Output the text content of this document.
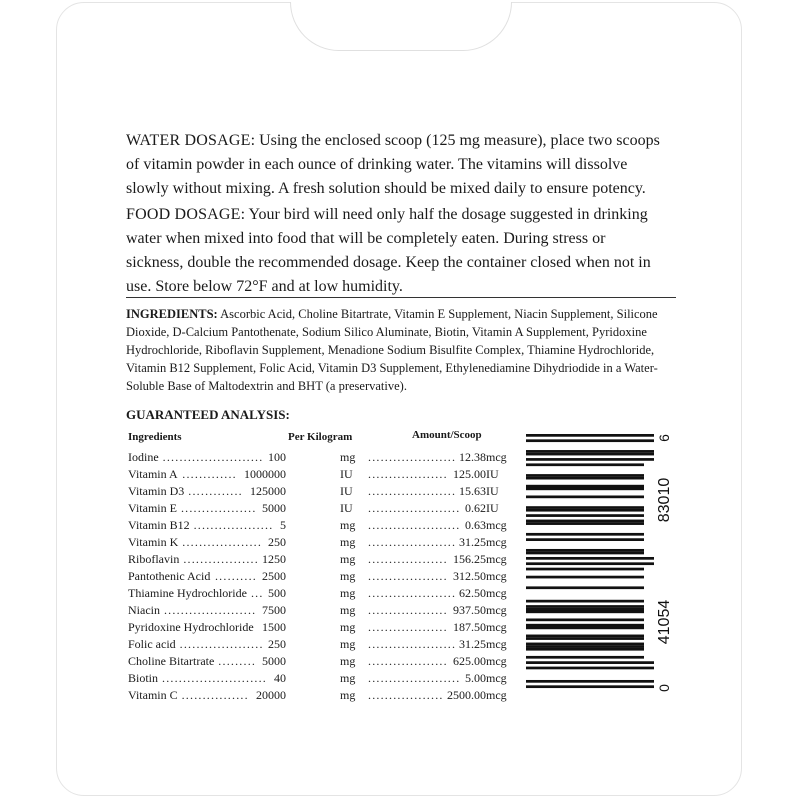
WATER DOSAGE: Using the enclosed scoop (125 mg measure), place two scoops of vitamin powder in each ounce of drinking water. The vitamins will dissolve slowly without mixing. A fresh solution should be mixed daily to ensure potency.

FOOD DOSAGE: Your bird will need only half the dosage suggested in drinking water when mixed into food that will be completely eaten. During stress or sickness, double the recommended dosage. Keep the container closed when not in use. Store below 72°F and at low humidity.

INGREDIENTS: Ascorbic Acid, Choline Bitartrate, Vitamin E Supplement, Niacin Supplement, Silicone Dioxide, D-Calcium Pantothenate, Sodium Silico Aluminate, Biotin, Vitamin A Supplement, Pyridoxine Hydrochloride, Riboflavin Supplement, Menadione Sodium Bisulfite Complex, Thiamine Hydrochloride, Vitamin B12 Supplement, Folic Acid, Vitamin D3 Supplement, Ethylenediamine Dihydriodide in a Water-Soluble Base of Maltodextrin and BHT (a preservative).
GUARANTEED ANALYSIS:
Ingredients	Per Kilogram	Amount/Scoop
Iodine ........................ 100	mg ..................... 12.38 mcg
Vitamin A ............. 1000000	IU ................... 125.00 IU
Vitamin D3 ............. 125000	IU ..................... 15.63 IU
Vitamin E .................. 5000	IU ...................... 0.62 IU
Vitamin B12 ................... 5	mg ...................... 0.63 mcg
Vitamin K ................... 250	mg ..................... 31.25 mcg
Riboflavin .................. 1250	mg ................... 156.25 mcg
Pantothenic Acid .......... 2500	mg ................... 312.50 mcg
Thiamine Hydrochloride ... 500	mg ..................... 62.50 mcg
Niacin ...................... 7500	mg ................... 937.50 mcg
Pyridoxine Hydrochloride 1500	mg ................... 187.50 mcg
Folic acid .................... 250	mg ..................... 31.25 mcg
Choline Bitartrate ......... 5000	mg ................... 625.00 mcg
Biotin ......................... 40	mg ...................... 5.00 mcg
Vitamin C ................ 20000	mg .................. 2500.00 mcg
6
83010
41054
0
